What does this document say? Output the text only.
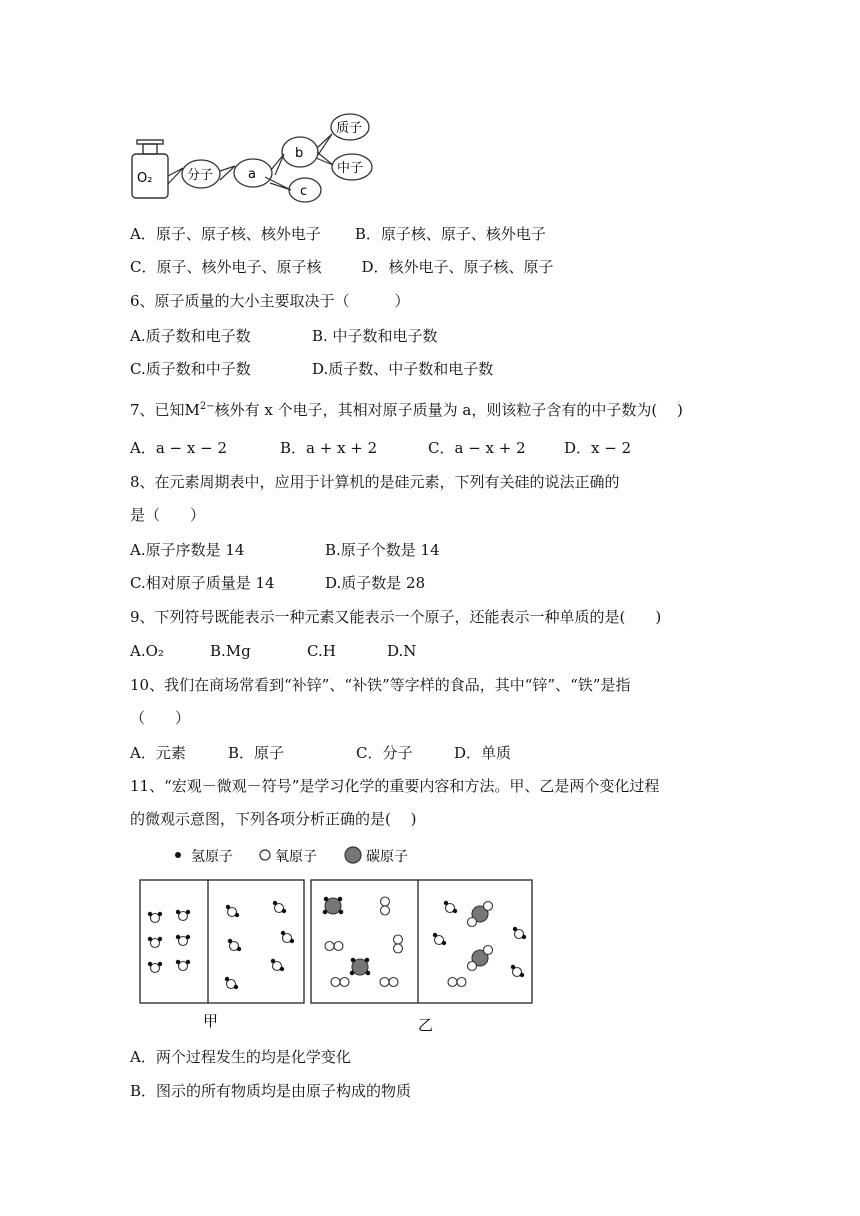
O₂	分子	a
b
c
质子
中子
A．原子、原子核、核外电子 B．原子核、原子、核外电子
C．原子、核外电子、原子核	D．核外电子、原子核、原子
6、原子质量的大小主要取决于（　　　）
A.质子数和电子数	B. 中子数和电子数
C.质子数和中子数	D.质子数、中子数和电子数
7、已知$M^{2-}$核外有 x 个电子，其相对原子质量为 a，则该粒子含有的中子数为(　 )
A．a − x − 2	B．a + x + 2	C．a − x + 2	D．x − 2
8、在元素周期表中，应用于计算机的是硅元素，下列有关硅的说法正确的
是（　　）
A.原子序数是 14	B.原子个数是 14
C.相对原子质量是 14	D.质子数是 28
9、下列符号既能表示一种元素又能表示一个原子，还能表示一种单质的是(　　)
A.O₂	B.Mg	C.H	D.N
10、我们在商场常看到“补锌”、“补铁”等字样的食品，其中“锌”、“铁”是指
（　　）
A．元素	B．原子	C．分子	D．单质
11、“宏观－微观－符号”是学习化学的重要内容和方法。甲、乙是两个变化过程
的微观示意图，下列各项分析正确的是(　 )
氢原子	氧原子	碳原子
甲	乙
A．两个过程发生的均是化学变化
B．图示的所有物质均是由原子构成的物质
